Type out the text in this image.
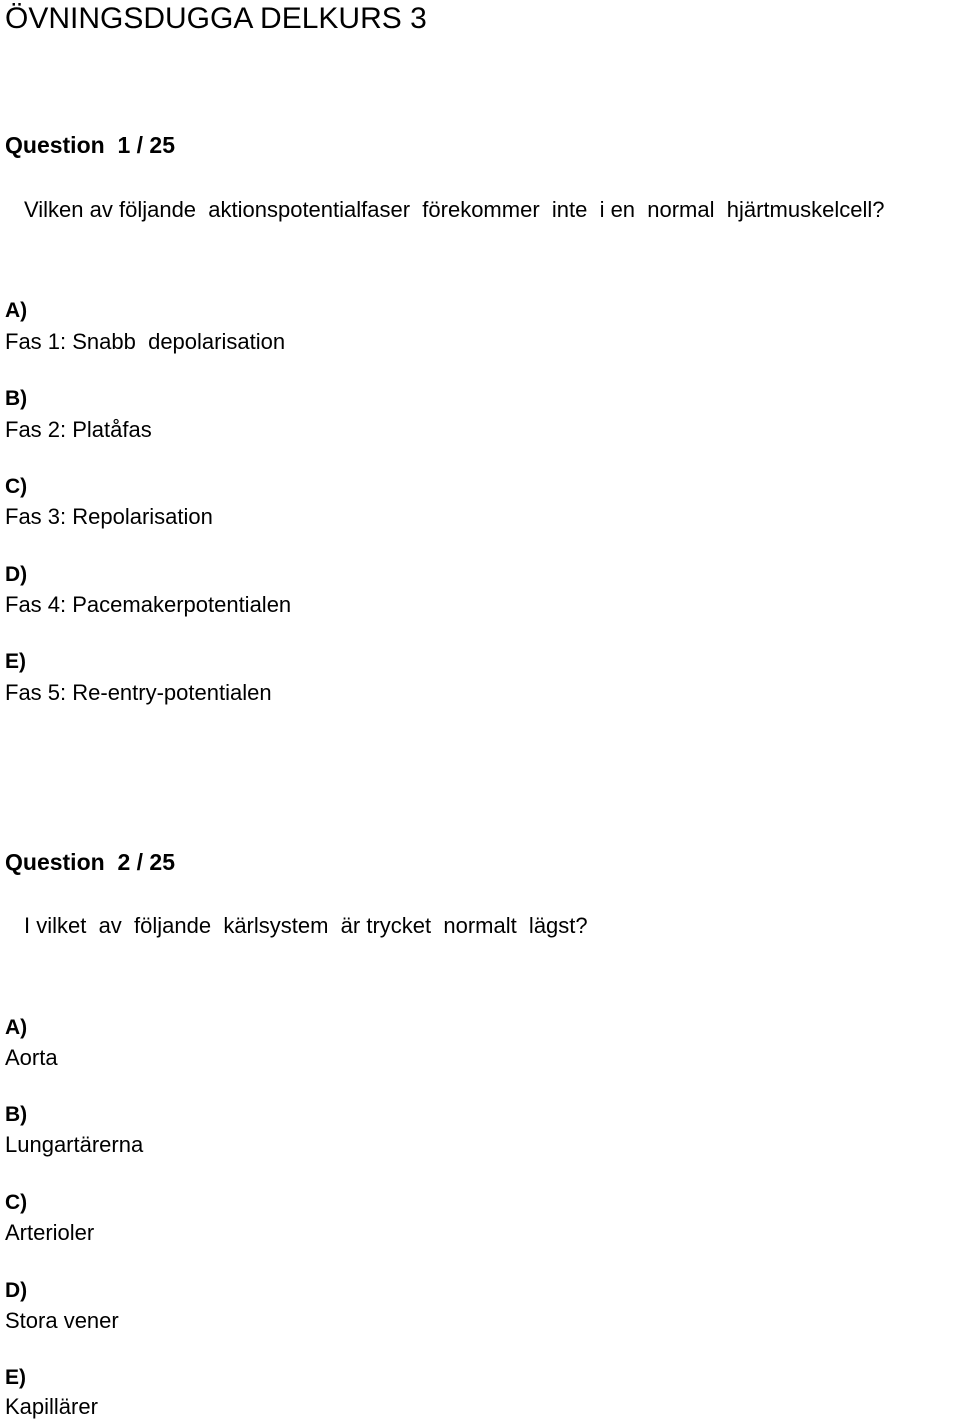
ÖVNINGSDUGGA DELKURS 3
Question  1 / 25
Vilken av följande  aktionspotentialfaser  förekommer  inte  i en  normal  hjärtmuskelcell?
A)
Fas 1: Snabb  depolarisation
B)
Fas 2: Platåfas
C)
Fas 3: Repolarisation
D)
Fas 4: Pacemakerpotentialen
E)
Fas 5: Re-entry-potentialen
Question  2 / 25
I vilket  av  följande  kärlsystem  är trycket  normalt  lägst?
A)
Aorta
B)
Lungartärerna
C)
Arterioler
D)
Stora vener
E)
Kapillärer
